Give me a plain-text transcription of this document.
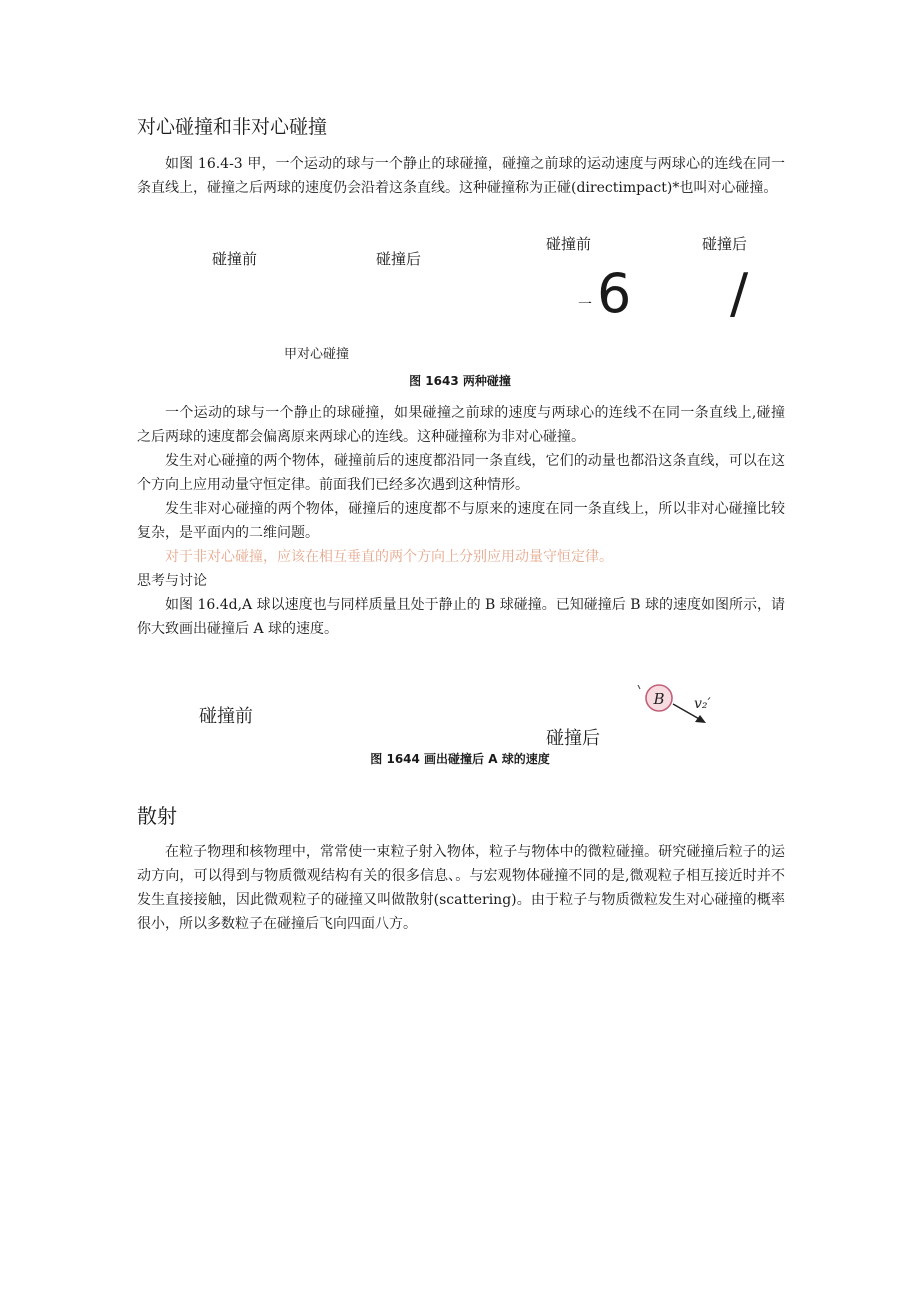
对心碰撞和非对心碰撞
如图 16.4-3 甲，一个运动的球与一个静止的球碰撞，碰撞之前球的运动速度与两球心的连线在同一条直线上，碰撞之后两球的速度仍会沿着这条直线。这种碰撞称为正碰(directimpact)*也叫对心碰撞。
碰撞前	碰撞后
碰撞前	碰撞后
一 6 /
甲对心碰撞
图 1643 两种碰撞
一个运动的球与一个静止的球碰撞，如果碰撞之前球的速度与两球心的连线不在同一条直线上,碰撞之后两球的速度都会偏离原来两球心的连线。这种碰撞称为非对心碰撞。
发生对心碰撞的两个物体，碰撞前后的速度都沿同一条直线，它们的动量也都沿这条直线，可以在这个方向上应用动量守恒定律。前面我们已经多次遇到这种情形。
发生非对心碰撞的两个物体，碰撞后的速度都不与原来的速度在同一条直线上，所以非对心碰撞比较复杂，是平面内的二维问题。
对于非对心碰撞，应该在相互垂直的两个方向上分别应用动量守恒定律。
思考与讨论
如图 16.4d,A 球以速度也与同样质量且处于静止的 B 球碰撞。已知碰撞后 B 球的速度如图所示，请你大致画出碰撞后 A 球的速度。
碰撞前
碰撞后
B v₂′
图 1644 画出碰撞后 A 球的速度
散射
在粒子物理和核物理中，常常使一束粒子射入物体，粒子与物体中的微粒碰撞。研究碰撞后粒子的运动方向，可以得到与物质微观结构有关的很多信息、。与宏观物体碰撞不同的是,微观粒子相互接近时并不发生直接接触，因此微观粒子的碰撞又叫做散射(scattering)。由于粒子与物质微粒发生对心碰撞的概率很小，所以多数粒子在碰撞后飞向四面八方。
